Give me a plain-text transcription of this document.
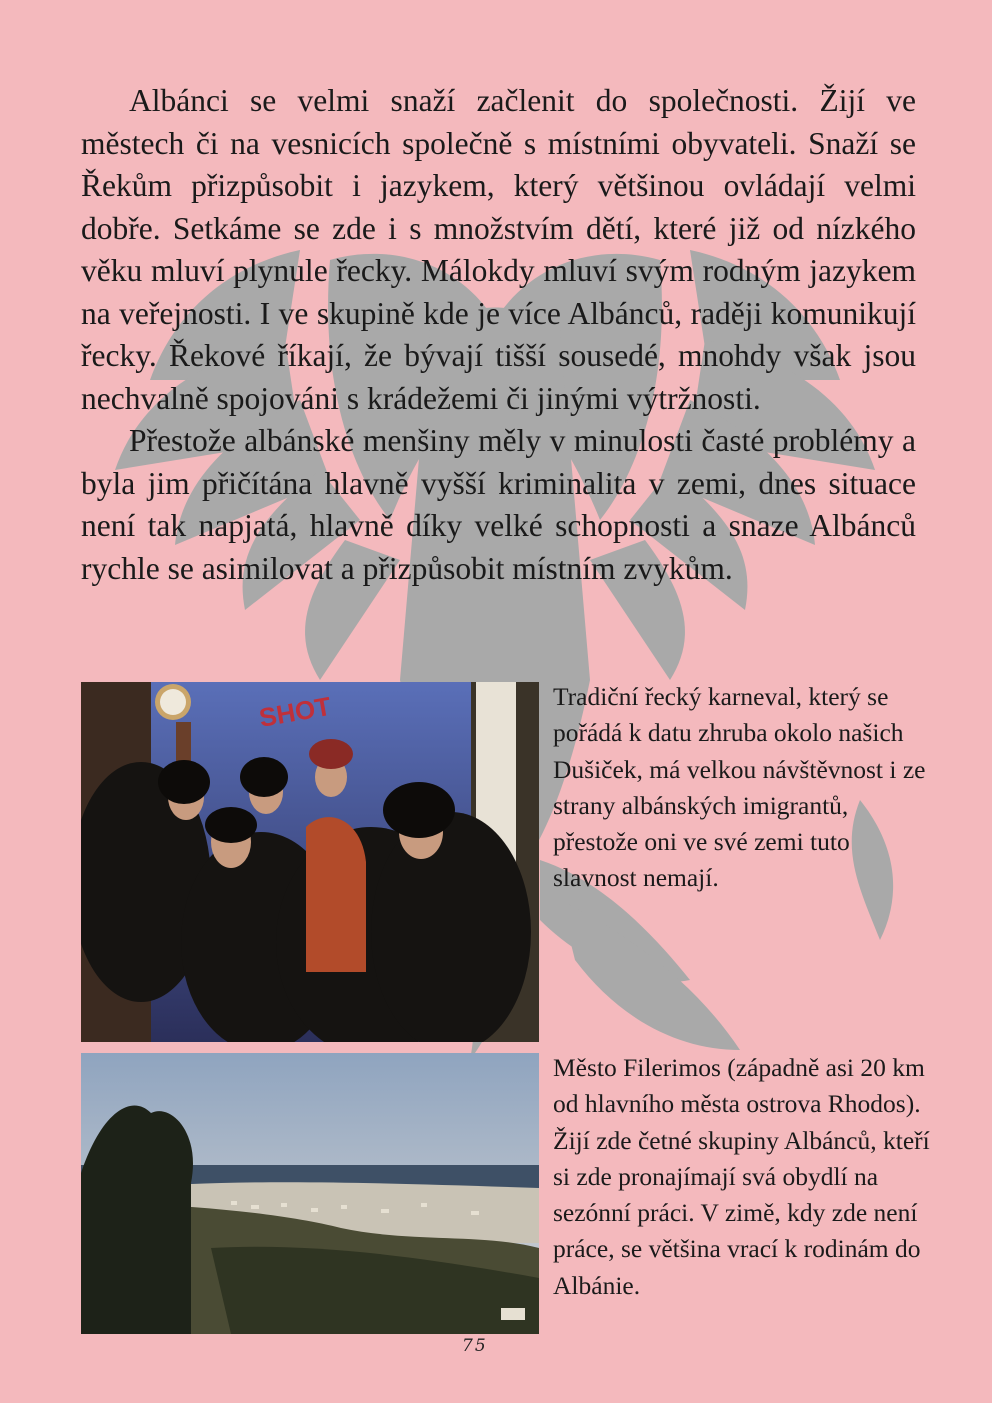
Albánci se velmi snaží začlenit do společnosti. Žijí ve městech či na vesnicích společně s místními obyvateli. Snaží se Řekům přizpůsobit i jazykem, který většinou ovládají velmi dobře. Setkáme se zde i s množstvím dětí, které již od nízkého věku mluví plynule řecky. Málokdy mluví svým rodným jazykem na veřejnosti. I ve skupině kde je více Albánců, raději komunikují řecky. Řekové říkají, že bývají tišší sousedé, mnohdy však jsou nechvalně spojováni s krádežemi či jinými výtržnosti.

Přestože albánské menšiny měly v minulosti časté problémy a byla jim přičítána hlavně vyšší kriminalita v zemi, dnes situace není tak napjatá, hlavně díky velké schopnosti a snaze Albánců rychle se asimilovat a přizpůsobit místním zvykům.

SHOT	Tradiční řecký karneval, který se pořádá k datu zhruba okolo našich Dušiček, má velkou návštěvnost i ze strany albánských imigrantů, přestože oni ve své zemi tuto slavnost nemají.

Město Filerimos (západně asi 20 km od hlavního města ostrova Rhodos). Žijí zde četné skupiny Albánců, kteří si zde pronajímají svá obydlí na sezónní práci. V zimě, kdy zde není práce, se většina vrací k rodinám do Albánie.

75
